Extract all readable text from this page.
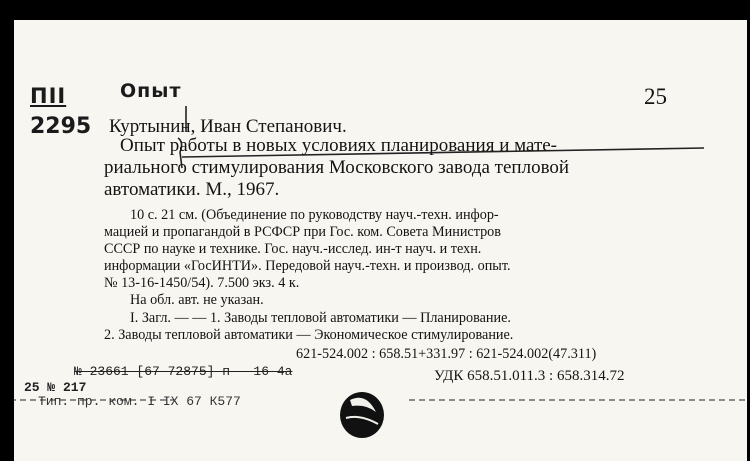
ПII
2295
Опыт	25
Куртынин, Иван Степанович.
Опыт работы в новых условиях планирования и мате-
риального стимулирования Московского завода тепловой
автоматики. М., 1967.
10 с. 21 см. (Объединение по руководству науч.-техн. инфор-
мацией и пропагандой в РСФСР при Гос. ком. Совета Министров
СССР по науке и технике. Гос. науч.-исслед. ин-т науч. и техн.
информации «ГосИНТИ». Передовой науч.-техн. и производ. опыт.
№ 13-16-1450/54). 7.500 экз. 4 к.
На обл. авт. не указан.
I. Загл. — — 1. Заводы тепловой автоматики — Планирование.
2. Заводы тепловой автоматики — Экономическое стимулирование.
621-524.002 : 658.51+331.97 : 621-524.002(47.311)
№ 23661 [67-72875] п — 16-4а
25 № 217
Тип. пр. ком. I IX 67 К577
УДК 658.51.011.3 : 658.314.72
